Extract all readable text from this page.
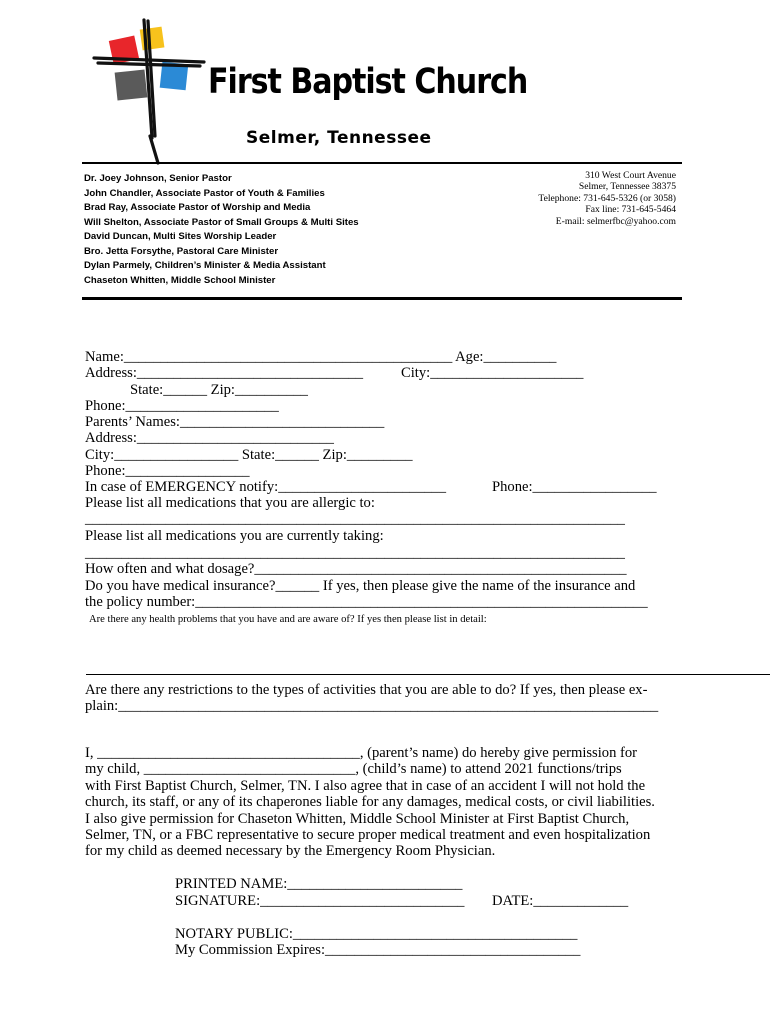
First Baptist Church
Selmer, Tennessee
Dr. Joey Johnson, Senior Pastor
John Chandler, Associate Pastor of Youth & Families
Brad Ray, Associate Pastor of Worship and Media
Will Shelton, Associate Pastor of Small Groups & Multi Sites
David Duncan, Multi Sites Worship Leader
Bro. Jetta Forsythe, Pastoral Care Minister
Dylan Parmely, Children’s Minister & Media Assistant
Chaseton Whitten, Middle School Minister
310 West Court Avenue
Selmer, Tennessee 38375
Telephone: 731-645-5326 (or 3058)
Fax line: 731-645-5464
E-mail: selmerfbc@yahoo.com
Name:_____________________________________________ Age:__________
Address:_______________________________	City:_____________________
State:______ Zip:__________
Phone:_____________________
Parents’ Names:____________________________
Address:___________________________
City:_________________ State:______ Zip:_________
Phone:_________________
In case of EMERGENCY notify:_______________________	Phone:_________________
Please list all medications that you are allergic to:
__________________________________________________________________________
Please list all medications you are currently taking:
__________________________________________________________________________
How often and what dosage?___________________________________________________
Do you have medical insurance?______ If yes, then please give the name of the insurance and
the policy number:______________________________________________________________
Are there any health problems that you have and are aware of? If yes then please list in detail:
Are there any restrictions to the types of activities that you are able to do? If yes, then please ex-
plain:__________________________________________________________________________
I, ____________________________________, (parent’s name) do hereby give permission for
my child, _____________________________, (child’s name) to attend 2021 functions/trips
with First Baptist Church, Selmer, TN. I also agree that in case of an accident I will not hold the
church, its staff, or any of its chaperones liable for any damages, medical costs, or civil liabilities.
I also give permission for Chaseton Whitten, Middle School Minister at First Baptist Church,
Selmer, TN, or a FBC representative to secure proper medical treatment and even hospitalization
for my child as deemed necessary by the Emergency Room Physician.
PRINTED NAME:________________________
SIGNATURE:____________________________ DATE:_____________
NOTARY PUBLIC:_______________________________________
My Commission Expires:___________________________________
